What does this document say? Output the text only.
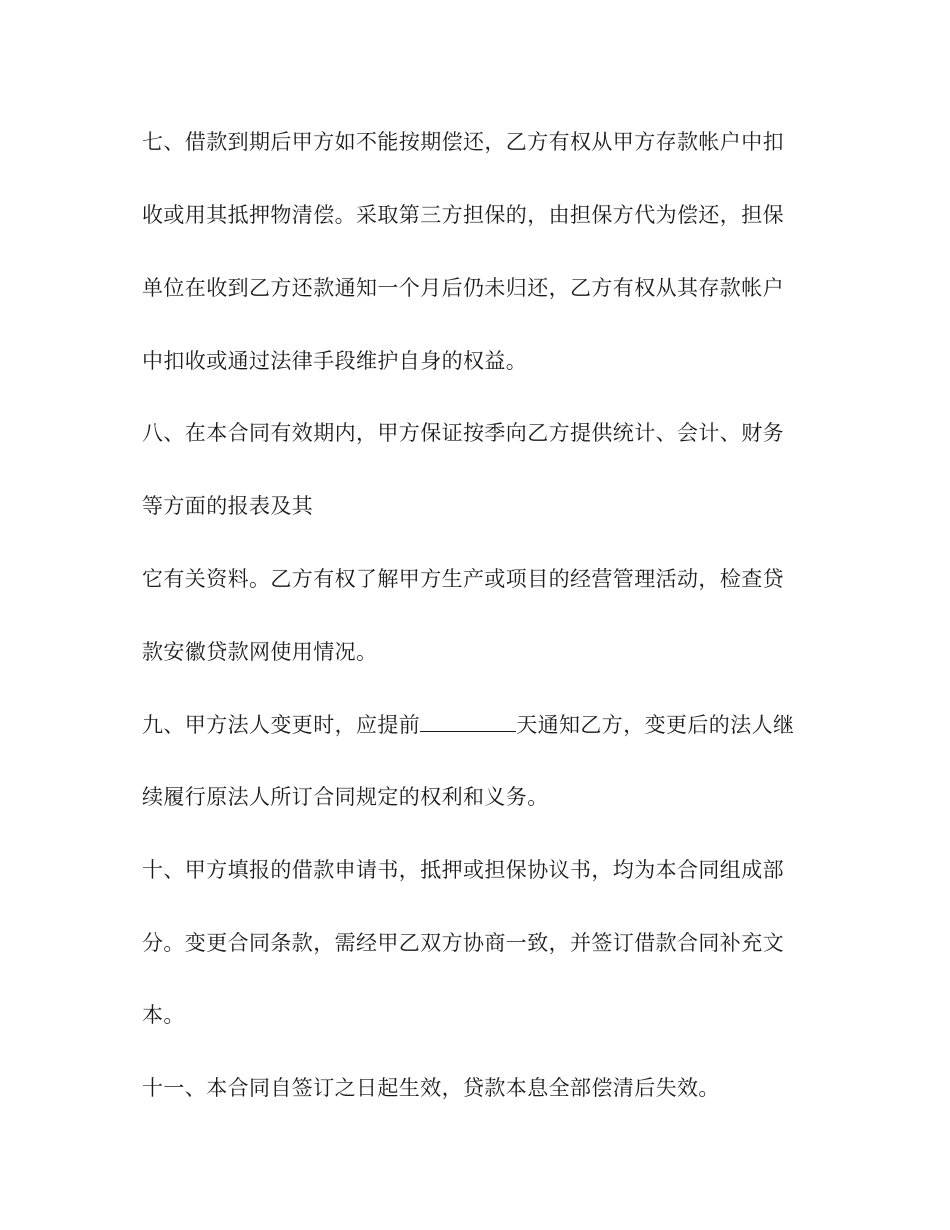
七、借款到期后甲方如不能按期偿还，乙方有权从甲方存款帐户中扣
收或用其抵押物清偿。采取第三方担保的，由担保方代为偿还，担保
单位在收到乙方还款通知一个月后仍未归还，乙方有权从其存款帐户
中扣收或通过法律手段维护自身的权益。
八、在本合同有效期内，甲方保证按季向乙方提供统计、会计、财务
等方面的报表及其
它有关资料。乙方有权了解甲方生产或项目的经营管理活动，检查贷
款安徽贷款网使用情况。
九、甲方法人变更时，应提前	天通知乙方，变更后的法人继
续履行原法人所订合同规定的权利和义务。
十、甲方填报的借款申请书，抵押或担保协议书，均为本合同组成部
分。变更合同条款，需经甲乙双方协商一致，并签订借款合同补充文
本。
十一、本合同自签订之日起生效，贷款本息全部偿清后失效。
